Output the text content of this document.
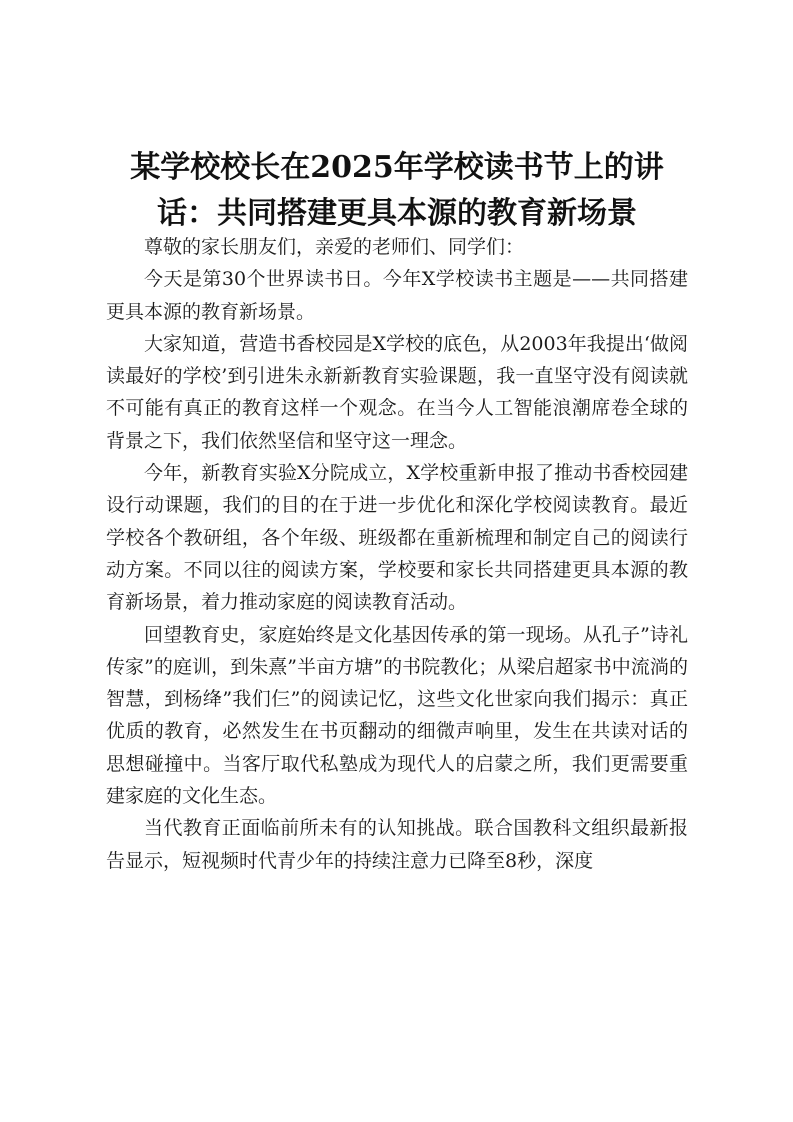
某学校校长在2025年学校读书节上的讲话：共同搭建更具本源的教育新场景

尊敬的家长朋友们，亲爱的老师们、同学们：

今天是第30个世界读书日。今年X学校读书主题是——共同搭建更具本源的教育新场景。

大家知道，营造书香校园是X学校的底色，从2003年我提出‘做阅读最好的学校’到引进朱永新新教育实验课题，我一直坚守没有阅读就不可能有真正的教育这样一个观念。在当今人工智能浪潮席卷全球的背景之下，我们依然坚信和坚守这一理念。

今年，新教育实验X分院成立，X学校重新申报了推动书香校园建设行动课题，我们的目的在于进一步优化和深化学校阅读教育。最近学校各个教研组，各个年级、班级都在重新梳理和制定自己的阅读行动方案。不同以往的阅读方案，学校要和家长共同搭建更具本源的教育新场景，着力推动家庭的阅读教育活动。

回望教育史，家庭始终是文化基因传承的第一现场。从孔子”诗礼传家”的庭训，到朱熹”半亩方塘”的书院教化；从梁启超家书中流淌的智慧，到杨绛”我们仨”的阅读记忆，这些文化世家向我们揭示：真正优质的教育，必然发生在书页翻动的细微声响里，发生在共读对话的思想碰撞中。当客厅取代私塾成为现代人的启蒙之所，我们更需要重建家庭的文化生态。

当代教育正面临前所未有的认知挑战。联合国教科文组织最新报告显示，短视频时代青少年的持续注意力已降至8秒，深度
